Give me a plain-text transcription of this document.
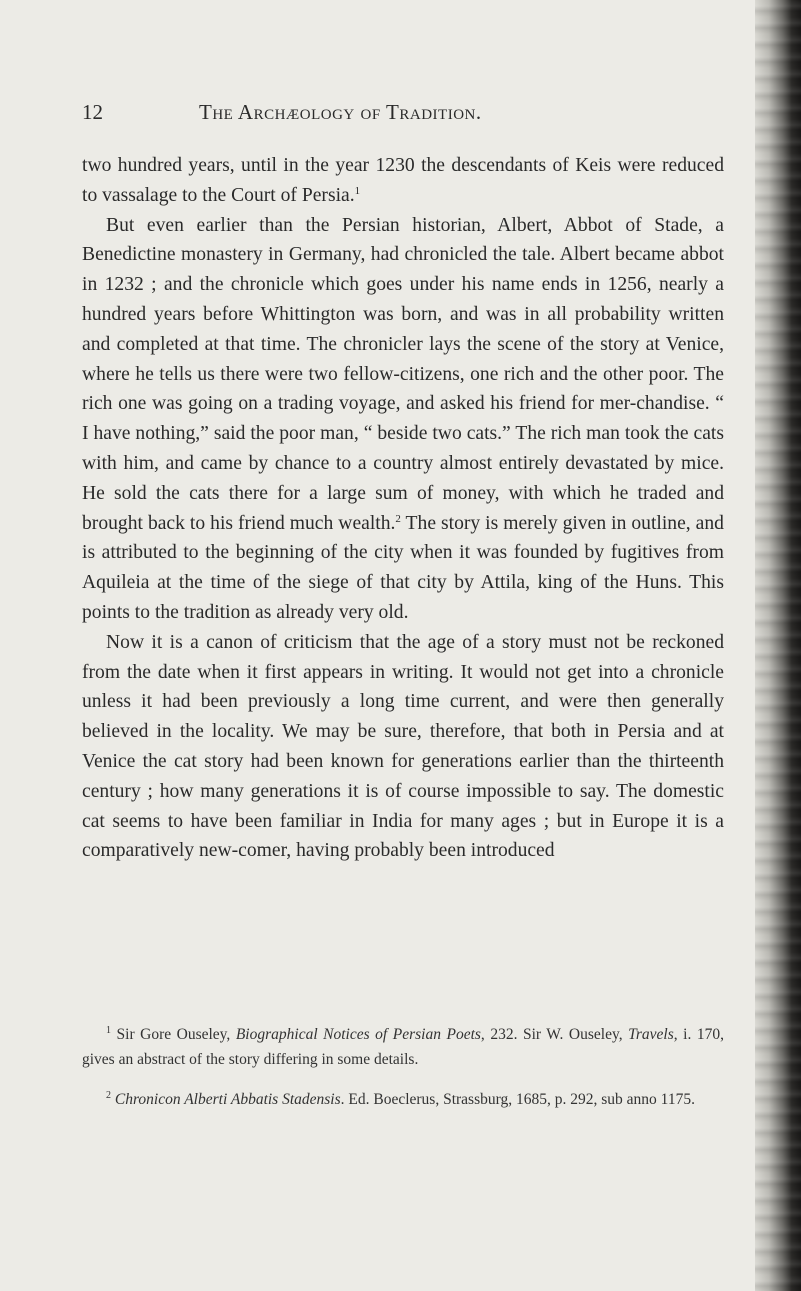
12	The Archæology of Tradition.

two hundred years, until in the year 1230 the descendants of Keis were reduced to vassalage to the Court of Persia.$^1$

But even earlier than the Persian historian, Albert, Abbot of Stade, a Benedictine monastery in Germany, had chronicled the tale. Albert became abbot in 1232 ; and the chronicle which goes under his name ends in 1256, nearly a hundred years before Whittington was born, and was in all probability written and completed at that time. The chronicler lays the scene of the story at Venice, where he tells us there were two fellow-citizens, one rich and the other poor. The rich one was going on a trading voyage, and asked his friend for mer-chandise. “ I have nothing,” said the poor man, “ beside two cats.” The rich man took the cats with him, and came by chance to a country almost entirely devastated by mice. He sold the cats there for a large sum of money, with which he traded and brought back to his friend much wealth.$^2$ The story is merely given in outline, and is attributed to the beginning of the city when it was founded by fugitives from Aquileia at the time of the siege of that city by Attila, king of the Huns. This points to the tradition as already very old.

Now it is a canon of criticism that the age of a story must not be reckoned from the date when it first appears in writing. It would not get into a chronicle unless it had been previously a long time current, and were then generally believed in the locality. We may be sure, therefore, that both in Persia and at Venice the cat story had been known for generations earlier than the thirteenth century ; how many generations it is of course impossible to say. The domestic cat seems to have been familiar in India for many ages ; but in Europe it is a comparatively new-comer, having probably been introduced

$^1$ Sir Gore Ouseley, Biographical Notices of Persian Poets, 232. Sir W. Ouseley, Travels, i. 170, gives an abstract of the story differing in some details.

$^2$ Chronicon Alberti Abbatis Stadensis. Ed. Boeclerus, Strassburg, 1685, p. 292, sub anno 1175.
